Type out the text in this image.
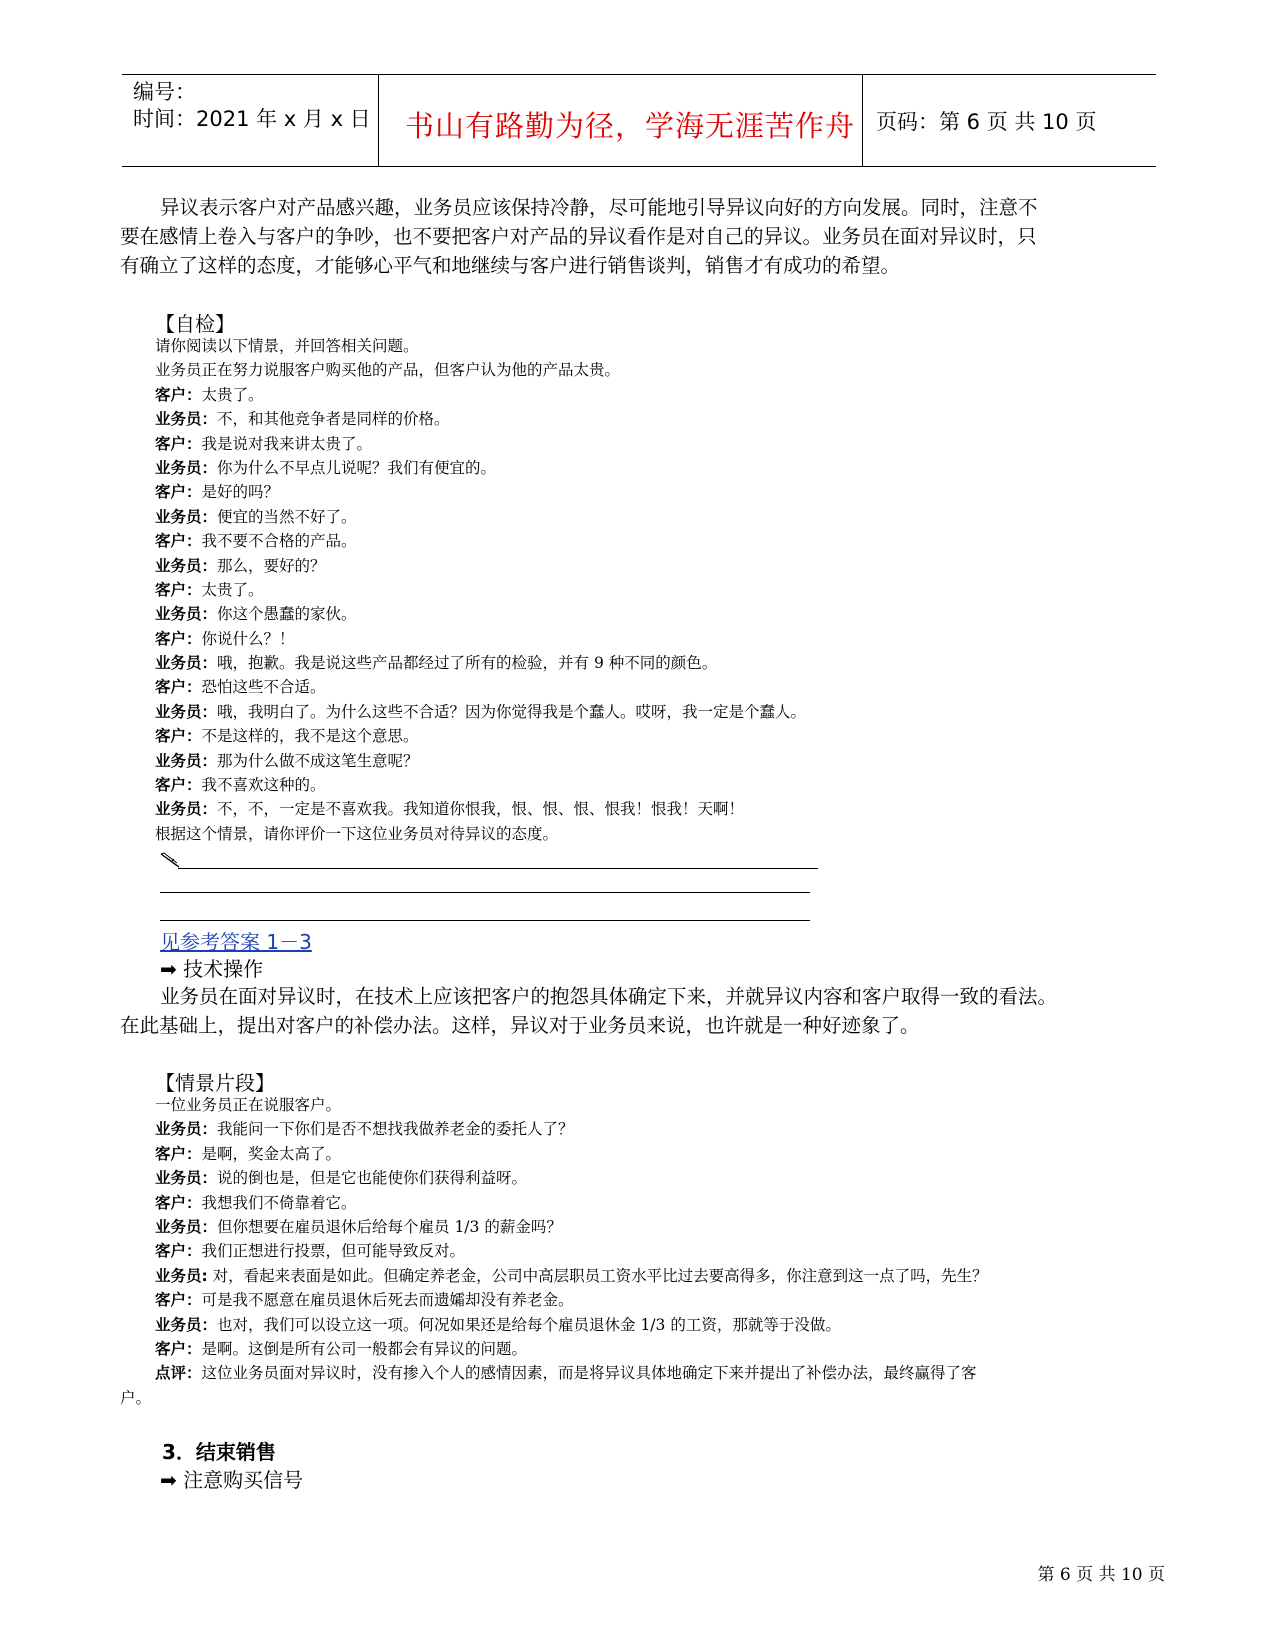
编号：
时间：2021 年 x 月 x 日 书山有路勤为径，学海无涯苦作舟 页码：第 6 页 共 10 页
异议表示客户对产品感兴趣，业务员应该保持冷静，尽可能地引导异议向好的方向发展。同时，注意不
要在感情上卷入与客户的争吵，也不要把客户对产品的异议看作是对自己的异议。业务员在面对异议时，只
有确立了这样的态度，才能够心平气和地继续与客户进行销售谈判，销售才有成功的希望。
【自检】
请你阅读以下情景，并回答相关问题。
业务员正在努力说服客户购买他的产品，但客户认为他的产品太贵。
客户：太贵了。
业务员：不，和其他竞争者是同样的价格。
客户：我是说对我来讲太贵了。
业务员：你为什么不早点儿说呢？我们有便宜的。
客户：是好的吗？
业务员：便宜的当然不好了。
客户：我不要不合格的产品。
业务员：那么，要好的？
客户：太贵了。
业务员：你这个愚蠢的家伙。
客户：你说什么？！
业务员：哦，抱歉。我是说这些产品都经过了所有的检验，并有 9 种不同的颜色。
客户：恐怕这些不合适。
业务员：哦，我明白了。为什么这些不合适？因为你觉得我是个蠢人。哎呀，我一定是个蠢人。
客户：不是这样的，我不是这个意思。
业务员：那为什么做不成这笔生意呢？
客户：我不喜欢这种的。
业务员：不，不，一定是不喜欢我。我知道你恨我，恨、恨、恨、恨我！恨我！天啊！
根据这个情景，请你评价一下这位业务员对待异议的态度。
见参考答案 1－3
➡ 技术操作
业务员在面对异议时，在技术上应该把客户的抱怨具体确定下来，并就异议内容和客户取得一致的看法。
在此基础上，提出对客户的补偿办法。这样，异议对于业务员来说，也许就是一种好迹象了。
【情景片段】
一位业务员正在说服客户。
业务员：我能问一下你们是否不想找我做养老金的委托人了？
客户：是啊，奖金太高了。
业务员：说的倒也是，但是它也能使你们获得利益呀。
客户：我想我们不倚靠着它。
业务员：但你想要在雇员退休后给每个雇员 1/3 的薪金吗？
客户：我们正想进行投票，但可能导致反对。
业务员: 对，看起来表面是如此。但确定养老金，公司中高层职员工资水平比过去要高得多，你注意到这一点了吗，先生？
客户：可是我不愿意在雇员退休后死去而遗孀却没有养老金。
业务员：也对，我们可以设立这一项。何况如果还是给每个雇员退休金 1/3 的工资，那就等于没做。
客户：是啊。这倒是所有公司一般都会有异议的问题。
点评：这位业务员面对异议时，没有掺入个人的感情因素，而是将异议具体地确定下来并提出了补偿办法，最终赢得了客
户。
3．结束销售
➡ 注意购买信号
第 6 页 共 10 页
